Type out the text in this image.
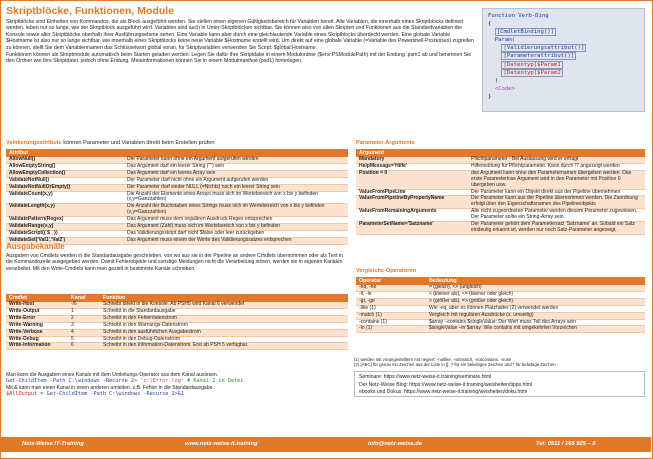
Skriptblöcke, Funktionen, Module

Skriptblöcke sind Einheiten von Kommandos, die als Block ausgeführt werden. Sie stellen einen eigenen Gültigkeitsbereich für Variablen bereit. Alle Variablen, die innerhalb eines Skriptblocks definiert werden, leben nur so lange, wie der Skriptblock ausgeführt wird. Variablen sind auch in Unter-Skriptblöcken sichtbar. Sie können also von allen Skripten und Funktionen aus die Standardvariablen der Konsole sowie aller Skriptblöcke oberhalb ihrer Ausführungsebene sehen. Eine Variable kann aber durch eine gleichlautende Variable eines Skriptblocks überdeckt werden. Eine globale Variable $Hostname ist also nur so lange sichtbar, wie innerhalb eines Skriptblocks keine neue Variable $Hostname erstellt wird. Um direkt auf eine globale Variable (=Variable des Powershell-Prozesses) zugreifen zu können, stellt Sie dem Variablennamen das Schlüsselwort global voran, für Skriptvariablen verwenden Sie Script: $global:Hostname.

Funktionen können als Skriptmodule automatisch beim Starten geladen werden. Legen Sie dafür Ihre Skriptdatei in einem Modulordner ($env:PSModulePath) mit der Endung .psm1 ab und benennen Sie den Ordner wie Ihre Skriptdatei, jedoch ohne Endung. Metainformationen können Sie in einem Modulmanifest (psd1) hinterlegen.

Function Verb-Ding
{
[CmdletBinding()]
Param(
[Validierungsattribut()]
[Parameterattribut()]
[Datentyp]$Param1
[Datentyp]$Param2
)
<Code>
}
Validierungsattribute können Parameter und Variablen direkt beim Erstellen prüfen
Attribut	
AllowNull()	Der Parameter kann ohne ein Argument aufgerufen werden
AllowEmptyString()	Das Argument darf ein leerer String ("") sein
AllowEmptyCollection()	Das Argument darf ein leeres Array sein
ValidateNotNull()	Der Parameter darf nicht ohne ein Argument aufgerufen werden
ValidateNotNullOrEmpty()	Der Parameter darf weder NULL (=Nichts) noch ein leerer String sein
ValidateCount(x,y)	Die Anzahl der Elemente eines Arrays muss sich im Wertebereich von x bis y befinden (x,y=Ganzzahlen)
ValidateLength(x,y)	Die Anzahl der Buchstaben eines Strings muss sich im Wertebereich von x bis y befinden (x,y=Ganzzahlen)
ValidatePattern(Regex)	Das Argument muss dem regulären Ausdruck Regex entsprechen
ValidateRange(x,y)	Das Argument (Zahl) muss sich im Wertebereich von x bis y befinden
ValidateScript({ $_ })	Das Validierungsskript darf nicht $false oder leer zurückgeben
ValidateSet('Val1','Val2')	Das Argument muss einem der Werte des Validierungssatzes entsprechen
Parameter-Argumente
Argument	
Mandatory	Pflichtparameter - Bei Auslassung wird er erfragt
HelpMessage='Hilfe'	Hilfemeldung für Pflichtparameter. Kann durch !? angezeigt werden
Position = 0	das Argument kann ohne den Parameternamen übergeben werden. Das erste Parameterlose Argument wird in den Parameter mit Position 0 übergeben usw.
ValueFromPipeLine	Der Parameter kann ein Objekt direkt aus der Pipeline übernehmen
ValueFromPipelineByPropertyName	Der Parameter kann aus der Pipeline übernommen werden. Die Zuordnung erfolgt über den Eigenschaftsnamen des Pipelineobjekts
ValueFromRemainingArguments	Alle nicht zugeordneten Parameter werden diesem Parameter zugewiesen. Der Parameter sollte ein String-Array sein.
ParameterSetName='Satzname'	Der Parameter gehört dem Parametersatz 'Satzname' an. Sobald ein Satz eindeutig erkannt ist, werden nur noch Satz-Parameter angezeigt.
Ausgabekanäle
Ausgaben von Cmdlets werden in die Standardausgabe geschrieben, von wo aus sie in der Pipeline an andere Cmdlets übernommen oder als Text in die Kommandozeile ausgegeben werden. Damit Fehlerobjekte und sonstige Meldungen nicht die Verarbeitung stören, werden sie in eigenen Kanälen verarbeitet. Mit den Write-Cmdlets kann man gezielt in bestimmte Kanäle schreiben.
Cmdlet	Kanal	Funktion
Write-Host	-/6	Schreibt direkt in die Konsole. Ab PSH5 wird Kanal 6 verwendet
Write-Output	1	Schreibt in die Standardausgabe
Write-Error	2	Schreibt in den Fehlerdatenstrom
Write-Warning	3	Schreibt in den Warnungs-Datenstrom
Write-Verbose	4	Schreibt in den ausführlichen Ausgabestrom
Write-Debug	5	Schreibt in den Debug-Datenstrom
Write-Information	6	Schreibt in den Information-Datenstrom. Erst ab PSH 5 verfügbar.

Man kann die Ausgaben eines Kanals mit dem Umleitungs-Operator aus dem Kanal auslesen.

Get-ChildItem -Path C:\windows -Recurse 2> 'c:\Error.log' # Kanal 2 in Datei

Mit & kann man einen Kanal in einen anderen umleiten, z.B. Fehler in die Standardausgabe.

$AllOutput = Get-ChildItem -Path C:\windows -Recurse 2>&1

Vergleichs-Operatoren
Operator	Bedeutung
-eq, -ne	= (gleich), <> (ungleich)
-lt, -le	< (kleiner als), <= (kleiner oder gleich)
-gt, -ge	> (größer als), => (größer oder gleich)
-like (1)	Wie -eq, aber es können Platzhalter (2) verwendet werden
-match (1)	Vergleich mit regulären Ausdrücke (s. umseitig)
-contains (1)	$array –contains $singleValue: Der Wert muss Teil des Arrays sein
-in (1)	$singleValue –in $array: Wie contains mit umgekehrten Vorzeichen
(1) werden mit vorangestelltem not negiert: -notlike, -notmatch, -notcontains, -notin
(2) [ABC] für genau ein Zeichen aus der Liste in [], ? für ein beliebiges Zeichen und * für beliebige Zeichen
Seminare: https://www.netz-weise-it.training/seminare.html
Der Netz-Weise Blog: https://www.netz-weise-it.training/weisheiten/tipps.html
ebooks und Dokus: https://www.netz-weise-it.training/weisheiten/doku.html
Netz-Weise IT-Training	www.netz-weise-it.training	info@netz-weise.de	Tel: 0511 / 165 925 – 0
